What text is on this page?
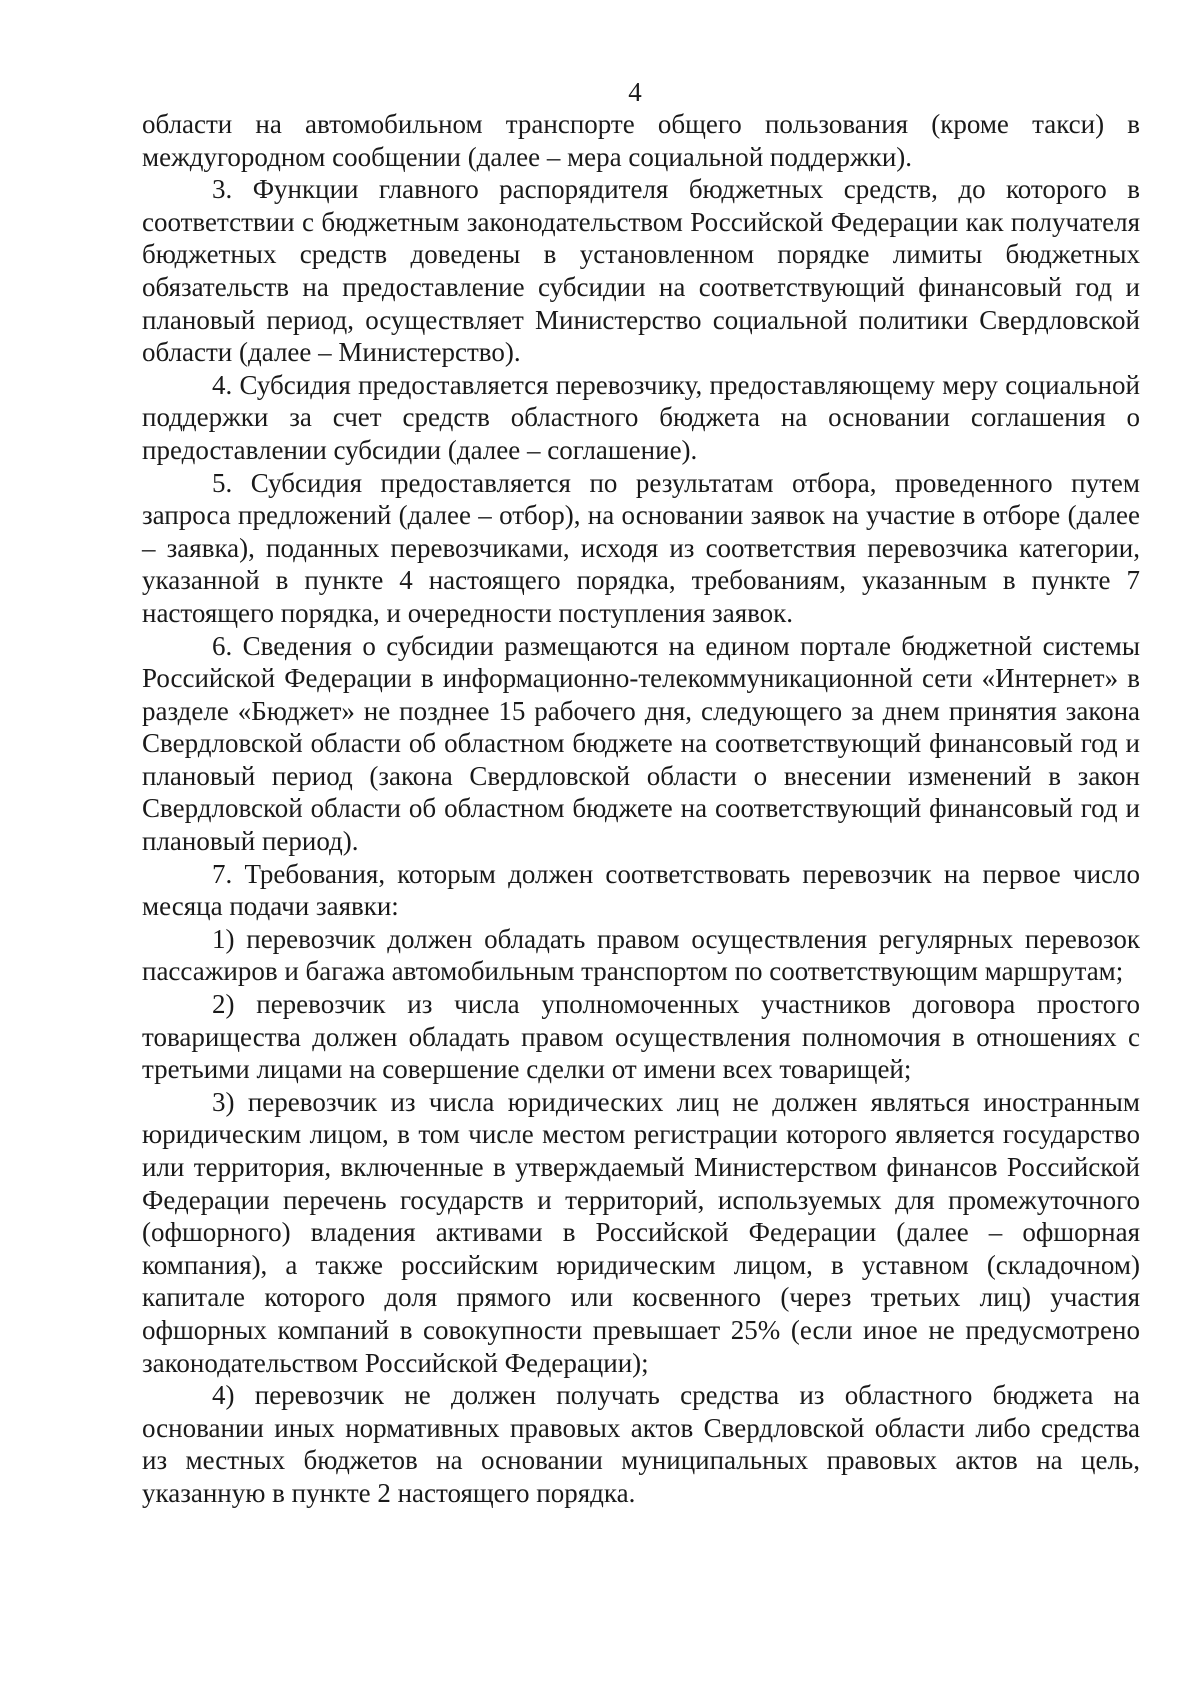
4

области на автомобильном транспорте общего пользования (кроме такси) в междугородном сообщении (далее – мера социальной поддержки).

3. Функции главного распорядителя бюджетных средств, до которого в соответствии с бюджетным законодательством Российской Федерации как получателя бюджетных средств доведены в установленном порядке лимиты бюджетных обязательств на предоставление субсидии на соответствующий финансовый год и плановый период, осуществляет Министерство социальной политики Свердловской области (далее – Министерство).

4. Субсидия предоставляется перевозчику, предоставляющему меру социальной поддержки за счет средств областного бюджета на основании соглашения о предоставлении субсидии (далее – соглашение).

5. Субсидия предоставляется по результатам отбора, проведенного путем запроса предложений (далее – отбор), на основании заявок на участие в отборе (далее – заявка), поданных перевозчиками, исходя из соответствия перевозчика категории, указанной в пункте 4 настоящего порядка, требованиям, указанным в пункте 7 настоящего порядка, и очередности поступления заявок.

6. Сведения о субсидии размещаются на едином портале бюджетной системы Российской Федерации в информационно-телекоммуникационной сети «Интернет» в разделе «Бюджет» не позднее 15 рабочего дня, следующего за днем принятия закона Свердловской области об областном бюджете на соответствующий финансовый год и плановый период (закона Свердловской области о внесении изменений в закон Свердловской области об областном бюджете на соответствующий финансовый год и плановый период).

7. Требования, которым должен соответствовать перевозчик на первое число месяца подачи заявки:

1) перевозчик должен обладать правом осуществления регулярных перевозок пассажиров и багажа автомобильным транспортом по соответствующим маршрутам;

2) перевозчик из числа уполномоченных участников договора простого товарищества должен обладать правом осуществления полномочия в отношениях с третьими лицами на совершение сделки от имени всех товарищей;

3) перевозчик из числа юридических лиц не должен являться иностранным юридическим лицом, в том числе местом регистрации которого является государство или территория, включенные в утверждаемый Министерством финансов Российской Федерации перечень государств и территорий, используемых для промежуточного (офшорного) владения активами в Российской Федерации (далее – офшорная компания), а также российским юридическим лицом, в уставном (складочном) капитале которого доля прямого или косвенного (через третьих лиц) участия офшорных компаний в совокупности превышает 25% (если иное не предусмотрено законодательством Российской Федерации);

4) перевозчик не должен получать средства из областного бюджета на основании иных нормативных правовых актов Свердловской области либо средства из местных бюджетов на основании муниципальных правовых актов на цель, указанную в пункте 2 настоящего порядка.
